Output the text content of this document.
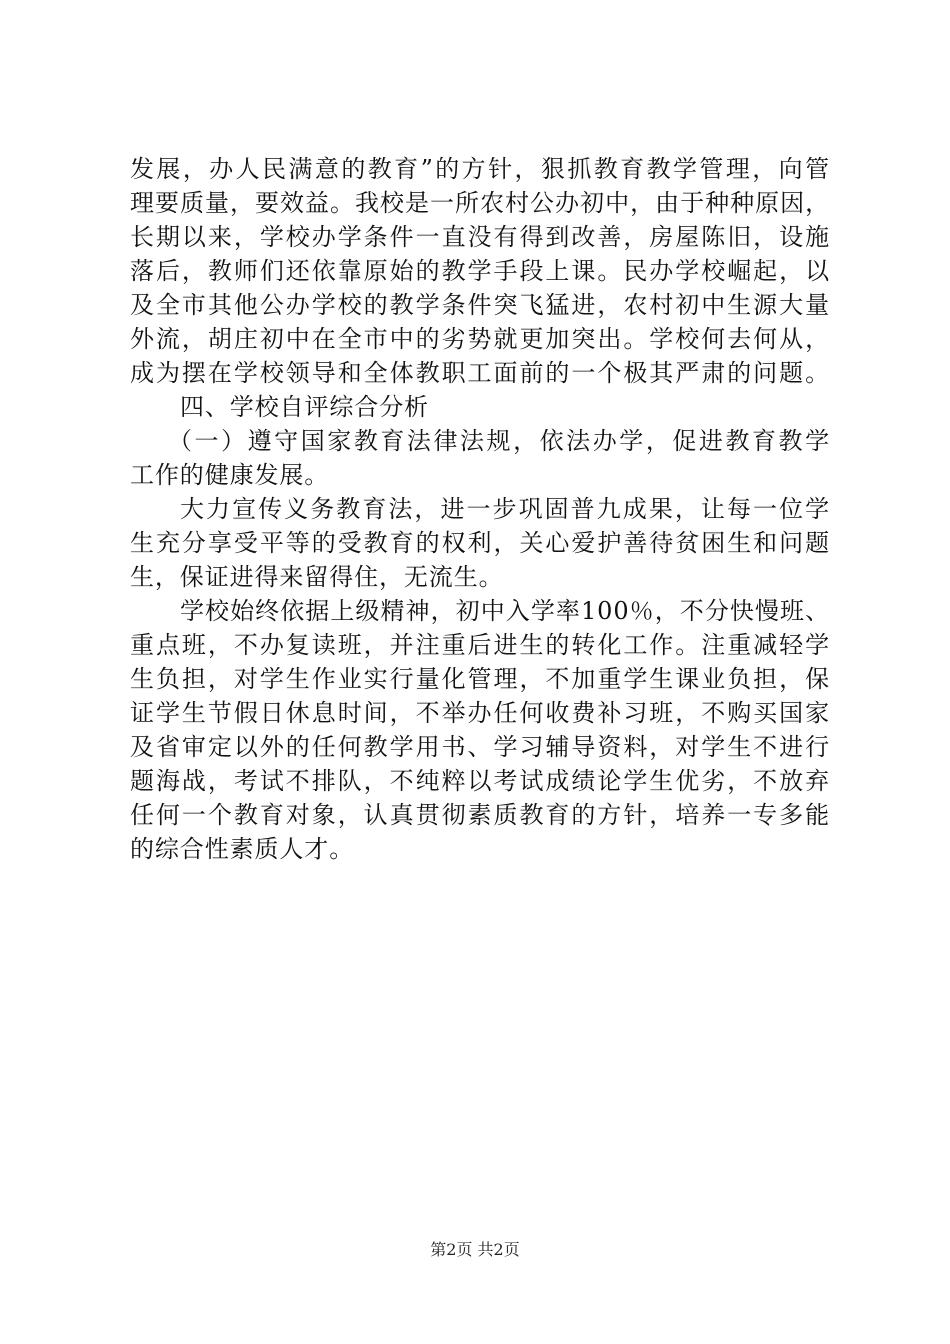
发展，办人民满意的教育”的方针，狠抓教育教学管理，向管
理要质量，要效益。我校是一所农村公办初中，由于种种原因，
长期以来，学校办学条件一直没有得到改善，房屋陈旧，设施
落后，教师们还依靠原始的教学手段上课。民办学校崛起，以
及全市其他公办学校的教学条件突飞猛进，农村初中生源大量
外流，胡庄初中在全市中的劣势就更加突出。学校何去何从，
成为摆在学校领导和全体教职工面前的一个极其严肃的问题。
四、学校自评综合分析
（一）遵守国家教育法律法规，依法办学，促进教育教学
工作的健康发展。
大力宣传义务教育法，进一步巩固普九成果，让每一位学
生充分享受平等的受教育的权利，关心爱护善待贫困生和问题
生，保证进得来留得住，无流生。
学校始终依据上级精神，初中入学率100％，不分快慢班、
重点班，不办复读班，并注重后进生的转化工作。注重减轻学
生负担，对学生作业实行量化管理，不加重学生课业负担，保
证学生节假日休息时间，不举办任何收费补习班，不购买国家
及省审定以外的任何教学用书、学习辅导资料，对学生不进行
题海战，考试不排队，不纯粹以考试成绩论学生优劣，不放弃
任何一个教育对象，认真贯彻素质教育的方针，培养一专多能
的综合性素质人才。
第2页 共2页
